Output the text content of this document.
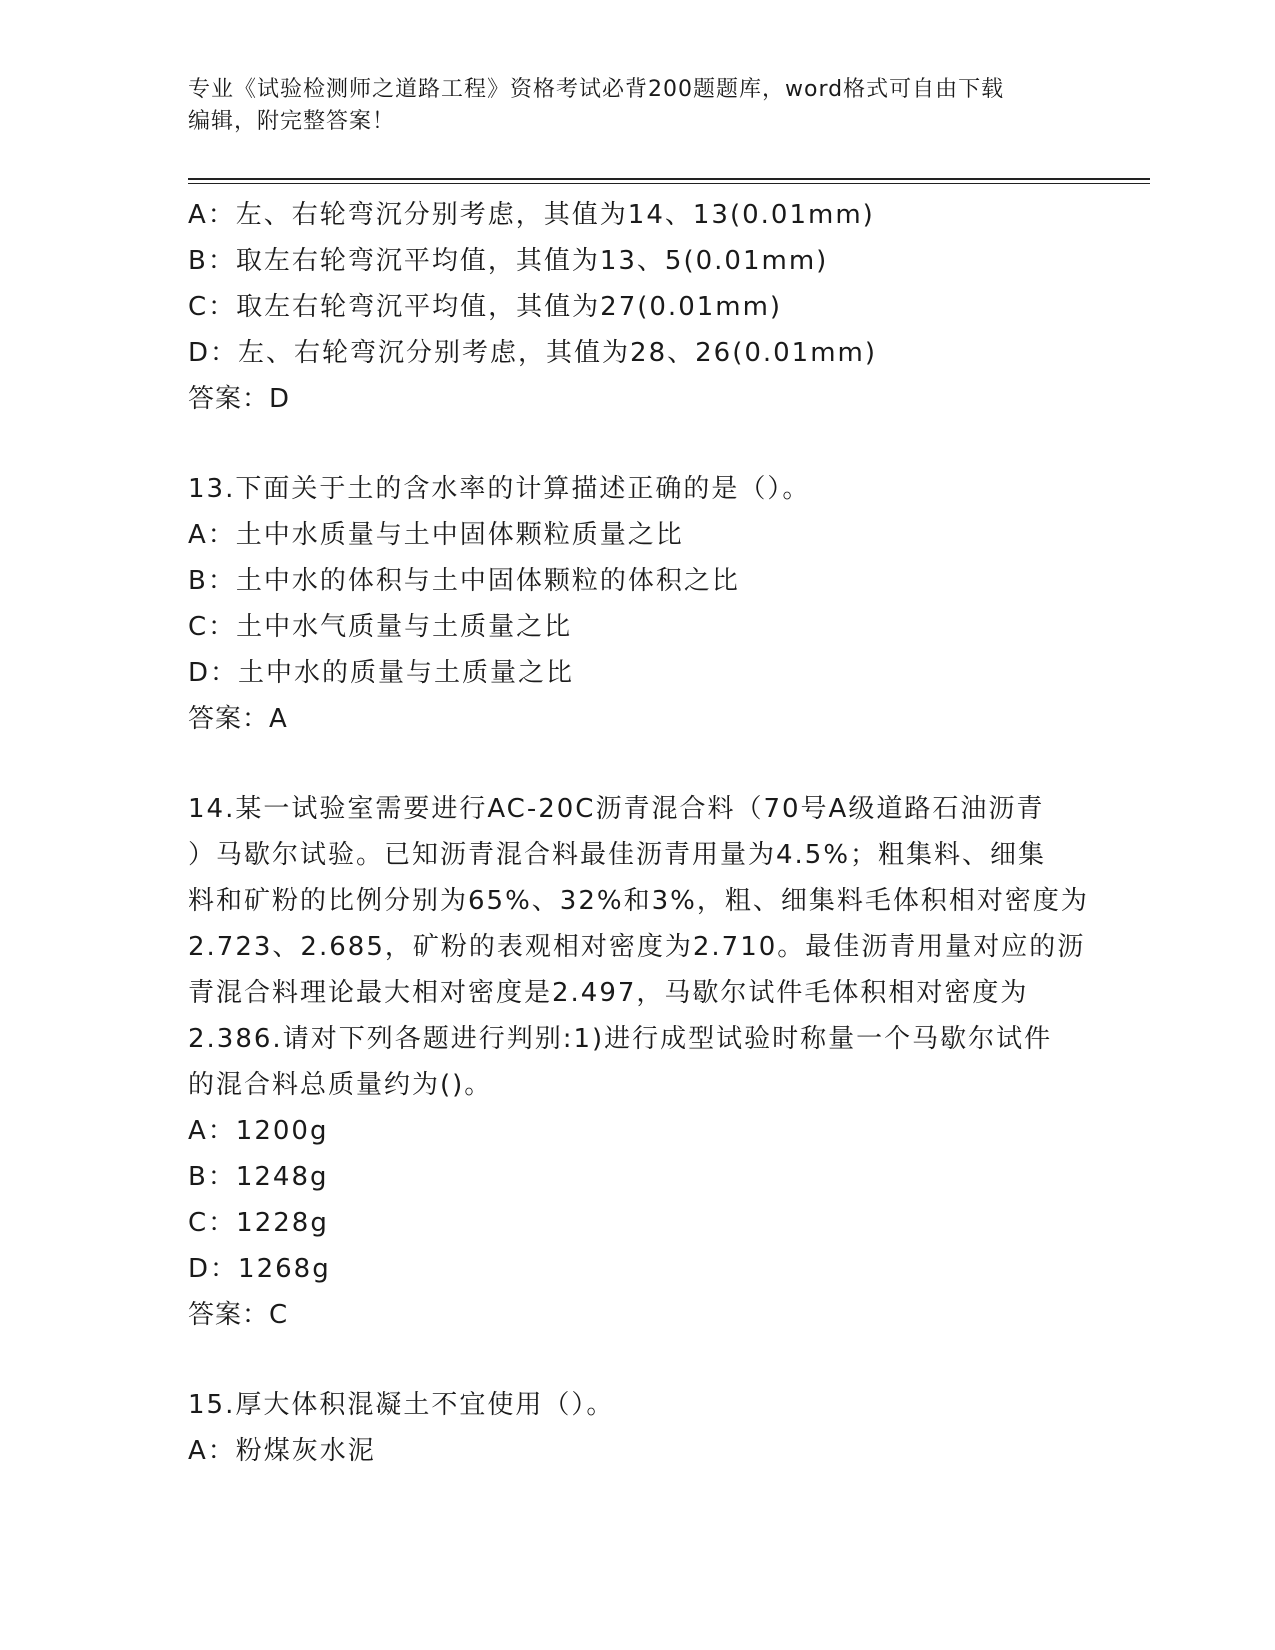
专业《试验检测师之道路工程》资格考试必背200题题库，word格式可自由下载
编辑，附完整答案！
A：左、右轮弯沉分别考虑，其值为14、13(0.01mm)
B：取左右轮弯沉平均值，其值为13、5(0.01mm)
C：取左右轮弯沉平均值，其值为27(0.01mm)
D：左、右轮弯沉分别考虑，其值为28、26(0.01mm)
答案：D
13.下面关于土的含水率的计算描述正确的是（）。
A：土中水质量与土中固体颗粒质量之比
B：土中水的体积与土中固体颗粒的体积之比
C：土中水气质量与土质量之比
D：土中水的质量与土质量之比
答案：A
14.某一试验室需要进行AC-20C沥青混合料（70号A级道路石油沥青
）马歇尔试验。已知沥青混合料最佳沥青用量为4.5%；粗集料、细集
料和矿粉的比例分别为65%、32%和3%，粗、细集料毛体积相对密度为
2.723、2.685，矿粉的表观相对密度为2.710。最佳沥青用量对应的沥
青混合料理论最大相对密度是2.497，马歇尔试件毛体积相对密度为
2.386.请对下列各题进行判别:1)进行成型试验时称量一个马歇尔试件
的混合料总质量约为()。
A：1200g
B：1248g
C：1228g
D：1268g
答案：C
15.厚大体积混凝土不宜使用（）。
A：粉煤灰水泥
